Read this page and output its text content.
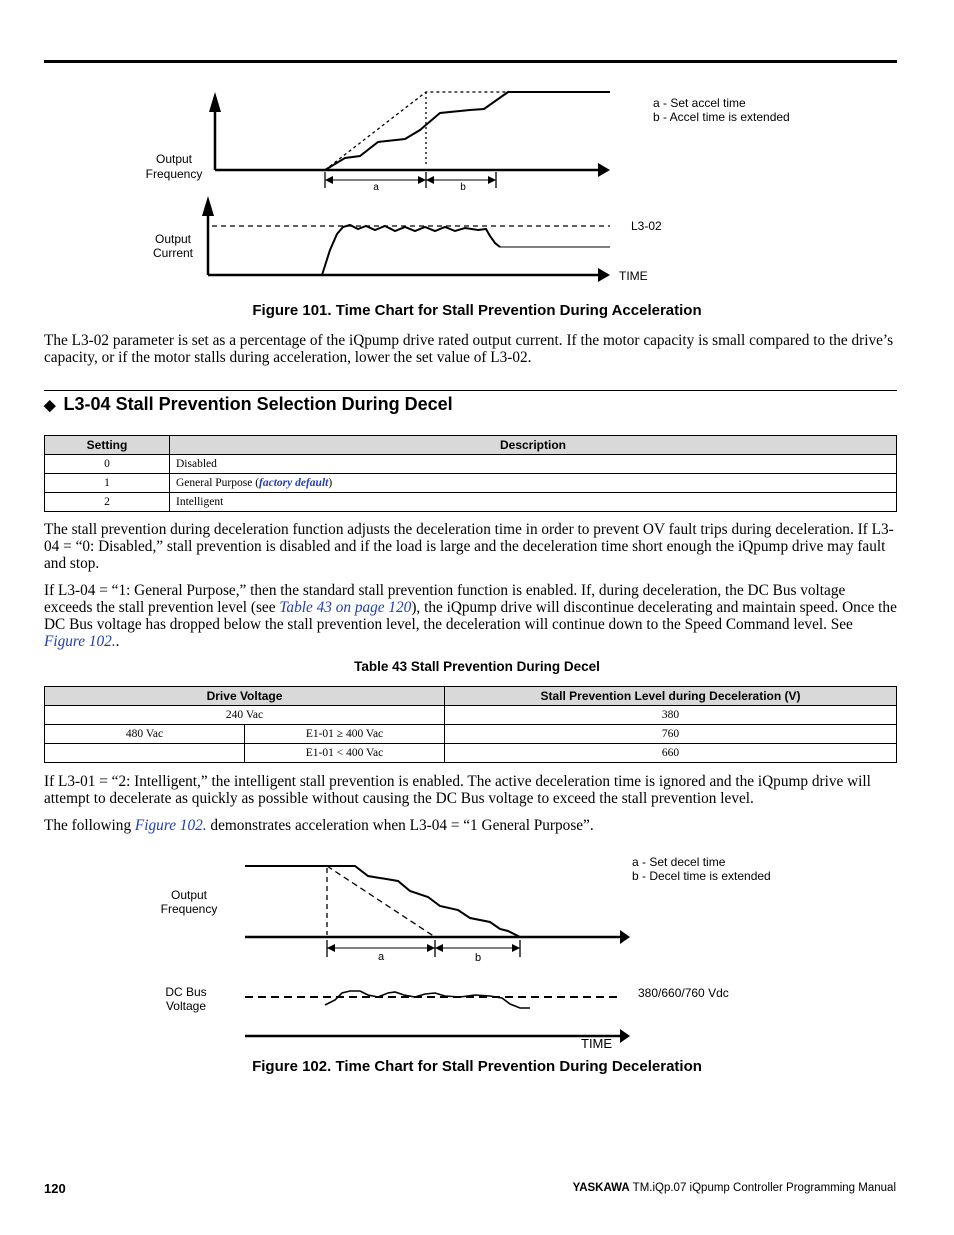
a	b
Output
Frequency
a - Set accel time
b - Accel time is extended
Output
Current
L3-02
TIME
Figure 101. Time Chart for Stall Prevention During Acceleration
The L3-02 parameter is set as a percentage of the iQpump drive rated output current. If the motor capacity is small compared to the drive’s capacity, or if the motor stalls during acceleration, lower the set value of L3-02.
◆ L3-04 Stall Prevention Selection During Decel
Setting	Description
0	Disabled
1	General Purpose (factory default)
2	Intelligent
The stall prevention during deceleration function adjusts the deceleration time in order to prevent OV fault trips during deceleration. If L3-04 = “0: Disabled,” stall prevention is disabled and if the load is large and the deceleration time short enough the iQpump drive may fault and stop.
If L3-04 = “1: General Purpose,” then the standard stall prevention function is enabled. If, during deceleration, the DC Bus voltage exceeds the stall prevention level (see Table 43 on page 120), the iQpump drive will discontinue decelerating and maintain speed. Once the DC Bus voltage has dropped below the stall prevention level, the deceleration will continue down to the Speed Command level. See Figure 102..
Table 43 Stall Prevention During Decel
Drive Voltage		Stall Prevention Level during Deceleration (V)
240 Vac		380
480 Vac	E1-01 ≥ 400 Vac	760
	E1-01 < 400 Vac	660
If L3-01 = “2: Intelligent,” the intelligent stall prevention is enabled. The active deceleration time is ignored and the iQpump drive will attempt to decelerate as quickly as possible without causing the DC Bus voltage to exceed the stall prevention level.
The following Figure 102. demonstrates acceleration when L3-04 = “1 General Purpose”.
a	b
Output
Frequency
a - Set decel time
b - Decel time is extended
DC Bus
Voltage
380/660/760 Vdc
TIME
Figure 102. Time Chart for Stall Prevention During Deceleration
120	YASKAWA TM.iQp.07 iQpump Controller Programming Manual
